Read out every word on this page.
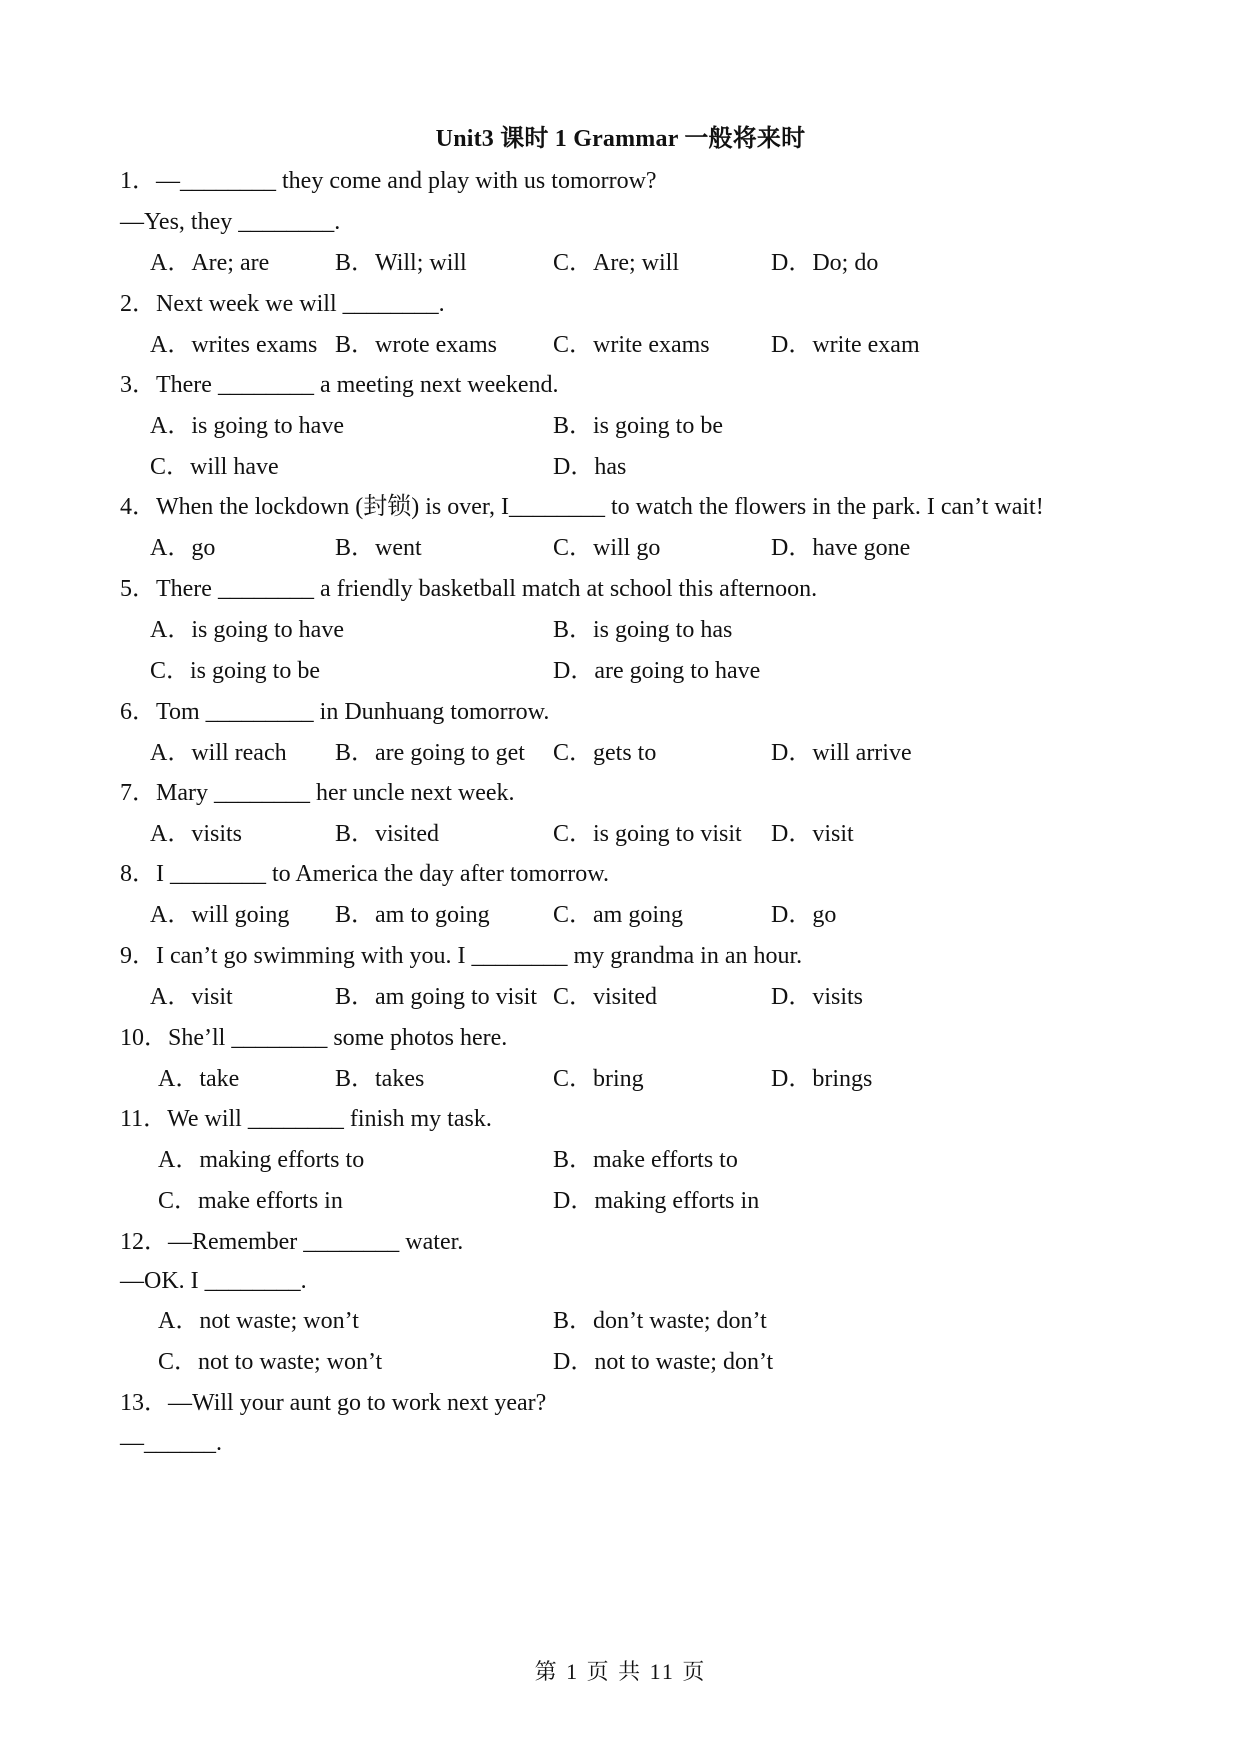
Unit3 课时 1 Grammar 一般将来时
1．—________ they come and play with us tomorrow?
—Yes, they ________.
A．Are; are	B．Will; will	C．Are; will	D．Do; do
2．Next week we will ________.
A．writes exams B．wrote exams C．write exams	D．write exam
3．There ________ a meeting next weekend.
A．is going to have	B．is going to be
C．will have	D．has
4．When the lockdown (封锁) is over, I________ to watch the flowers in the park. I can’t wait!
A．go	B．went	C．will go	D．have gone
5．There ________ a friendly basketball match at school this afternoon.
A．is going to have	B．is going to has
C．is going to be	D．are going to have
6．Tom _________ in Dunhuang tomorrow.
A．will reach B．are going to get C．gets to	D．will arrive
7．Mary ________ her uncle next week.
A．visits	B．visited	C．is going to visit D．visit
8．I ________ to America the day after tomorrow.
A．will going B．am to going	C．am going	D．go
9．I can’t go swimming with you. I ________ my grandma in an hour.
A．visit	B．am going to visit C．visited	D．visits
10．She’ll ________ some photos here.
A．take	B．takes	C．bring	D．brings
11．We will ________ finish my task.
A．making efforts to	B．make efforts to
C．make efforts in	D．making efforts in
12．—Remember ________ water.
—OK. I ________.
A．not waste; won’t	B．don’t waste; don’t
C．not to waste; won’t	D．not to waste; don’t
13．—Will your aunt go to work next year?
—______.
第 1 页 共 11 页
